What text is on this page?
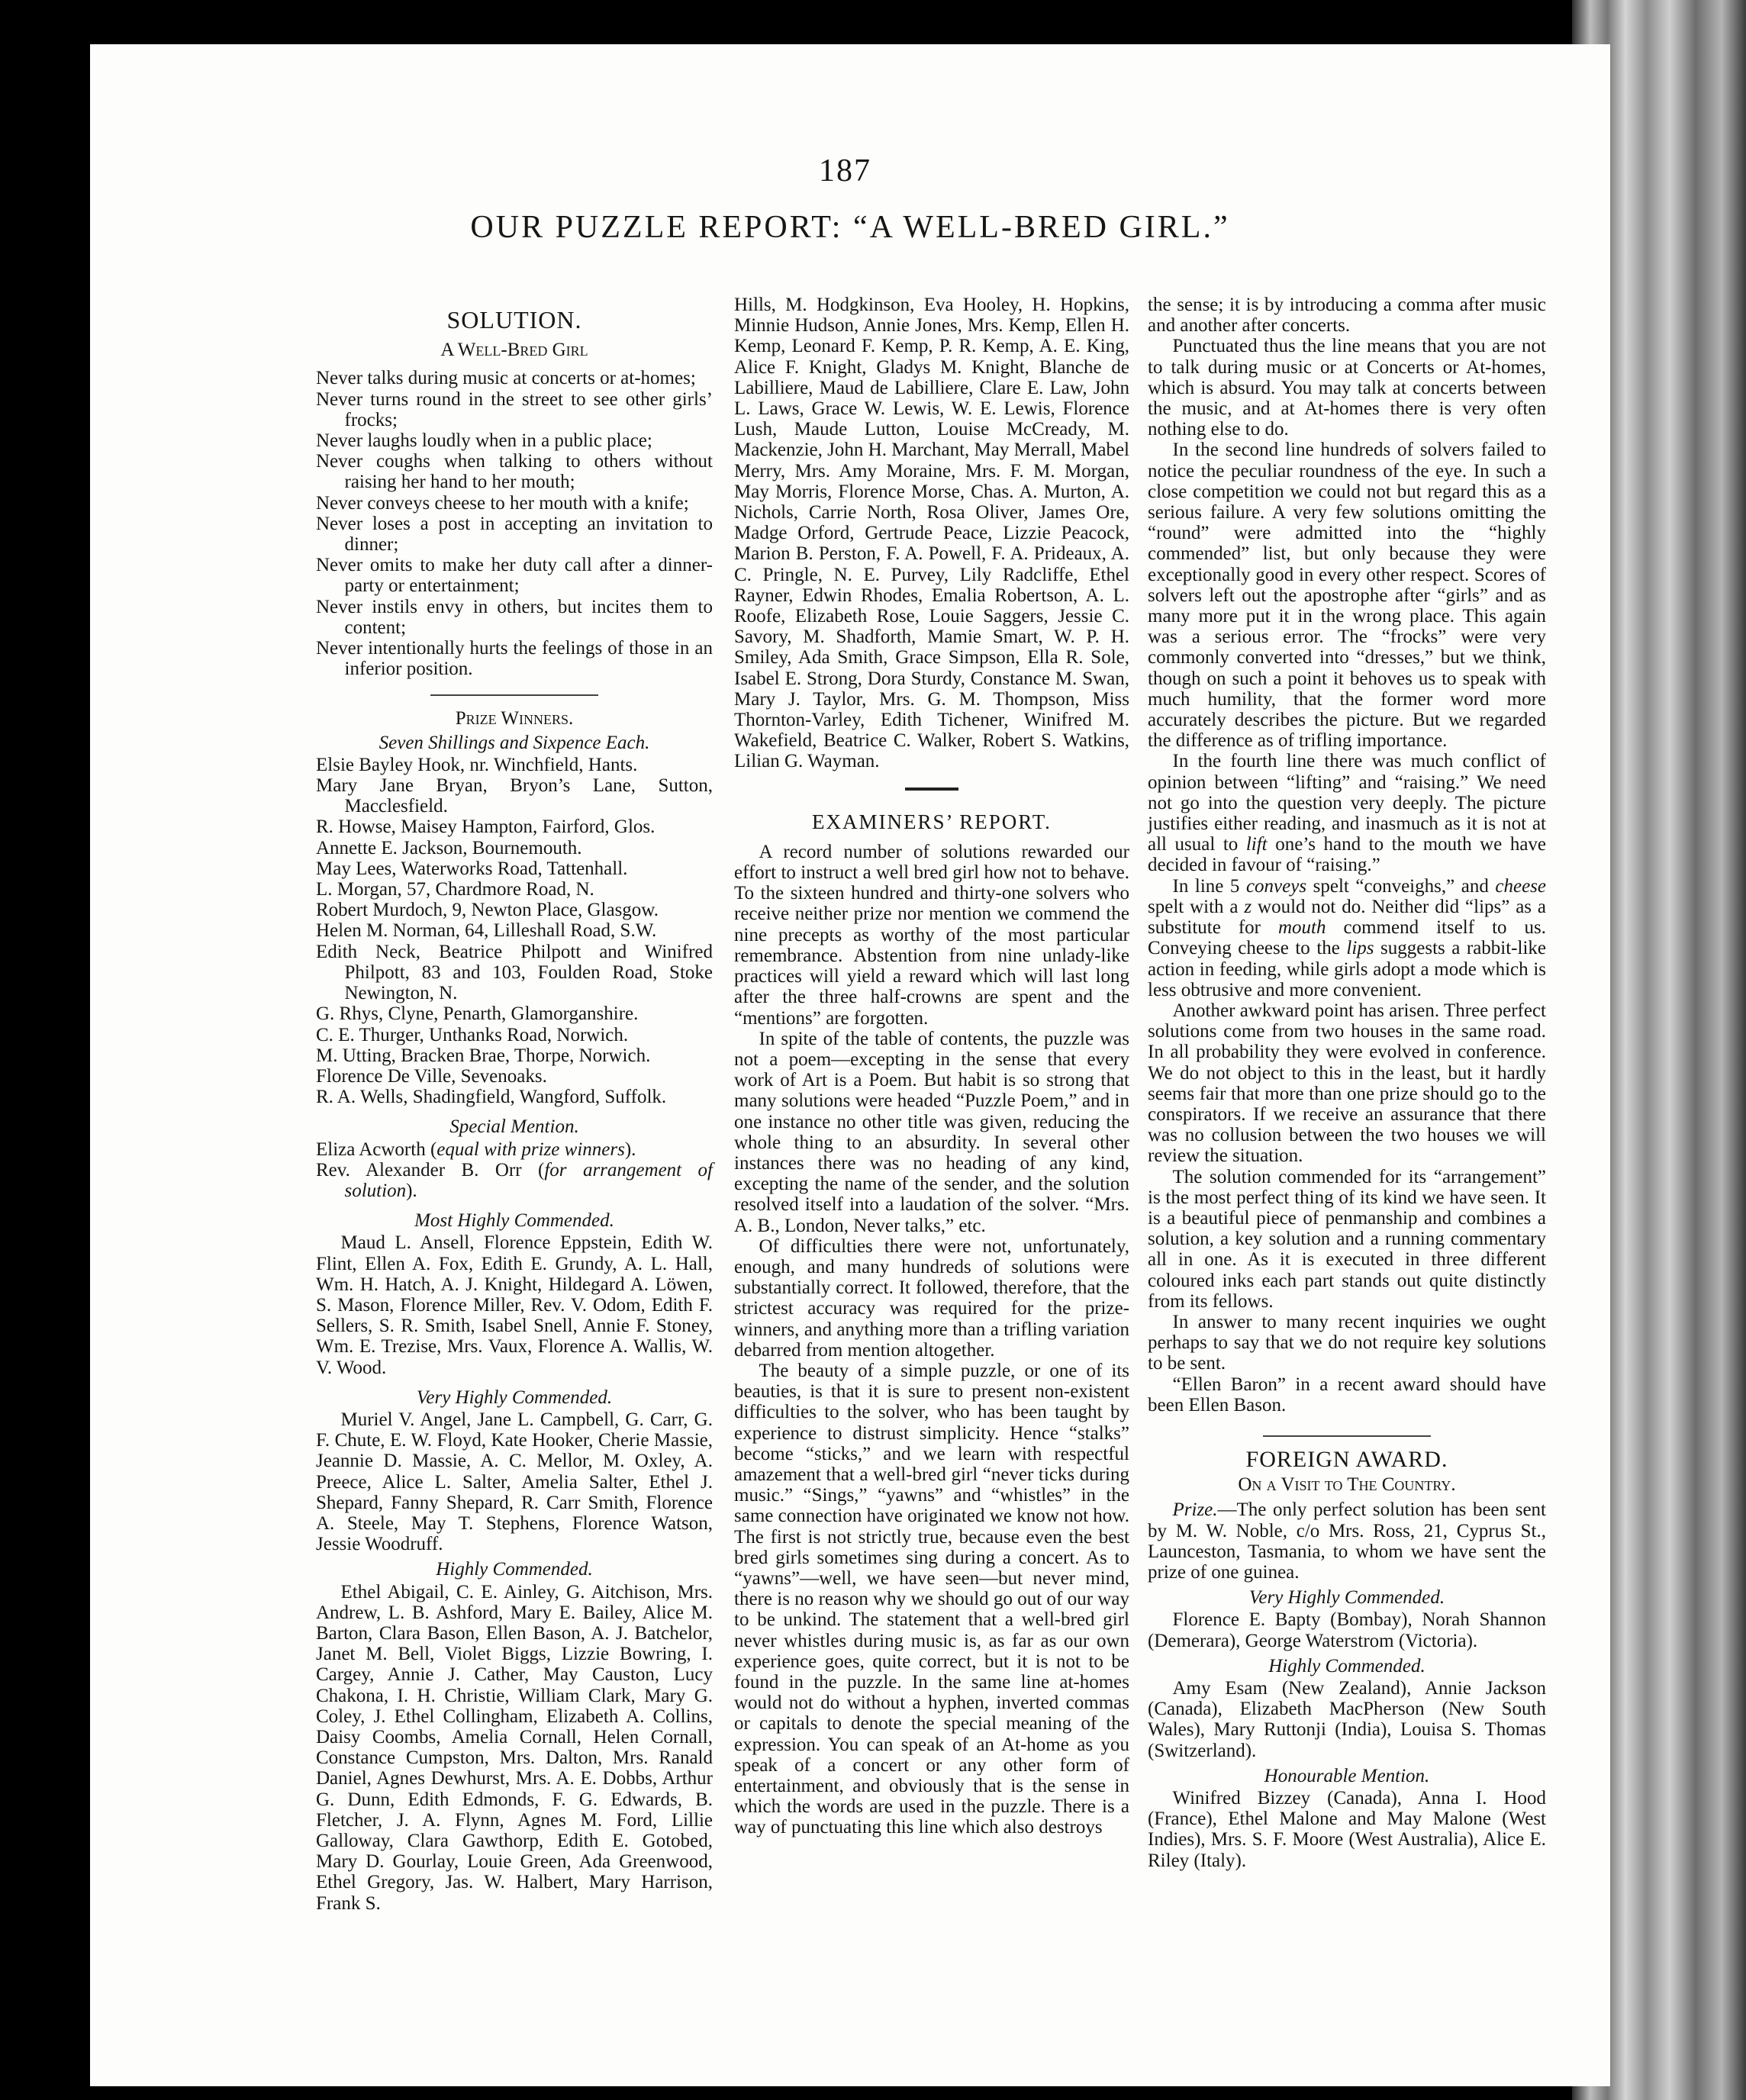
187
OUR PUZZLE REPORT: “A WELL-BRED GIRL.”
SOLUTION.
A Well-Bred Girl

Never talks during music at concerts or at-homes;

Never turns round in the street to see other girls’ frocks;

Never laughs loudly when in a public place;

Never coughs when talking to others without raising her hand to her mouth;

Never conveys cheese to her mouth with a knife;

Never loses a post in accepting an invitation to dinner;

Never omits to make her duty call after a dinner-party or entertainment;

Never instils envy in others, but incites them to content;

Never intentionally hurts the feelings of those in an inferior position.

Prize Winners.
Seven Shillings and Sixpence Each.

Elsie Bayley Hook, nr. Winchfield, Hants.

Mary Jane Bryan, Bryon’s Lane, Sutton, Macclesfield.

R. Howse, Maisey Hampton, Fairford, Glos.

Annette E. Jackson, Bournemouth.

May Lees, Waterworks Road, Tattenhall.

L. Morgan, 57, Chardmore Road, N.

Robert Murdoch, 9, Newton Place, Glasgow.

Helen M. Norman, 64, Lilleshall Road, S.W.

Edith Neck, Beatrice Philpott and Winifred Philpott, 83 and 103, Foulden Road, Stoke Newington, N.

G. Rhys, Clyne, Penarth, Glamorganshire.

C. E. Thurger, Unthanks Road, Norwich.

M. Utting, Bracken Brae, Thorpe, Norwich.

Florence De Ville, Sevenoaks.

R. A. Wells, Shadingfield, Wangford, Suffolk.

Special Mention.

Eliza Acworth (equal with prize winners).

Rev. Alexander B. Orr (for arrangement of solution).

Most Highly Commended.

Maud L. Ansell, Florence Eppstein, Edith W. Flint, Ellen A. Fox, Edith E. Grundy, A. L. Hall, Wm. H. Hatch, A. J. Knight, Hildegard A. Löwen, S. Mason, Florence Miller, Rev. V. Odom, Edith F. Sellers, S. R. Smith, Isabel Snell, Annie F. Stoney, Wm. E. Trezise, Mrs. Vaux, Florence A. Wallis, W. V. Wood.

Very Highly Commended.

Muriel V. Angel, Jane L. Campbell, G. Carr, G. F. Chute, E. W. Floyd, Kate Hooker, Cherie Massie, Jeannie D. Massie, A. C. Mellor, M. Oxley, A. Preece, Alice L. Salter, Amelia Salter, Ethel J. Shepard, Fanny Shepard, R. Carr Smith, Florence A. Steele, May T. Stephens, Florence Watson, Jessie Woodruff.

Highly Commended.

Ethel Abigail, C. E. Ainley, G. Aitchison, Mrs. Andrew, L. B. Ashford, Mary E. Bailey, Alice M. Barton, Clara Bason, Ellen Bason, A. J. Batchelor, Janet M. Bell, Violet Biggs, Lizzie Bowring, I. Cargey, Annie J. Cather, May Causton, Lucy Chakona, I. H. Christie, William Clark, Mary G. Coley, J. Ethel Collingham, Elizabeth A. Collins, Daisy Coombs, Amelia Cornall, Helen Cornall, Constance Cumpston, Mrs. Dalton, Mrs. Ranald Daniel, Agnes Dewhurst, Mrs. A. E. Dobbs, Arthur G. Dunn, Edith Edmonds, F. G. Edwards, B. Fletcher, J. A. Flynn, Agnes M. Ford, Lillie Galloway, Clara Gawthorp, Edith E. Gotobed, Mary D. Gourlay, Louie Green, Ada Greenwood, Ethel Gregory, Jas. W. Halbert, Mary Harrison, Frank S.

Hills, M. Hodgkinson, Eva Hooley, H. Hopkins, Minnie Hudson, Annie Jones, Mrs. Kemp, Ellen H. Kemp, Leonard F. Kemp, P. R. Kemp, A. E. King, Alice F. Knight, Gladys M. Knight, Blanche de Labilliere, Maud de Labilliere, Clare E. Law, John L. Laws, Grace W. Lewis, W. E. Lewis, Florence Lush, Maude Lutton, Louise McCready, M. Mackenzie, John H. Marchant, May Merrall, Mabel Merry, Mrs. Amy Moraine, Mrs. F. M. Morgan, May Morris, Florence Morse, Chas. A. Murton, A. Nichols, Carrie North, Rosa Oliver, James Ore, Madge Orford, Gertrude Peace, Lizzie Peacock, Marion B. Perston, F. A. Powell, F. A. Prideaux, A. C. Pringle, N. E. Purvey, Lily Radcliffe, Ethel Rayner, Edwin Rhodes, Emalia Robertson, A. L. Roofe, Elizabeth Rose, Louie Saggers, Jessie C. Savory, M. Shadforth, Mamie Smart, W. P. H. Smiley, Ada Smith, Grace Simpson, Ella R. Sole, Isabel E. Strong, Dora Sturdy, Constance M. Swan, Mary J. Taylor, Mrs. G. M. Thompson, Miss Thornton-Varley, Edith Tichener, Winifred M. Wakefield, Beatrice C. Walker, Robert S. Watkins, Lilian G. Wayman.

EXAMINERS’ REPORT.

A record number of solutions rewarded our effort to instruct a well bred girl how not to behave. To the sixteen hundred and thirty-one solvers who receive neither prize nor mention we commend the nine precepts as worthy of the most particular remembrance. Abstention from nine unlady-like practices will yield a reward which will last long after the three half-crowns are spent and the “mentions” are forgotten.

In spite of the table of contents, the puzzle was not a poem—excepting in the sense that every work of Art is a Poem. But habit is so strong that many solutions were headed “Puzzle Poem,” and in one instance no other title was given, reducing the whole thing to an absurdity. In several other instances there was no heading of any kind, excepting the name of the sender, and the solution resolved itself into a laudation of the solver. “Mrs. A. B., London, Never talks,” etc.

Of difficulties there were not, unfortunately, enough, and many hundreds of solutions were substantially correct. It followed, therefore, that the strictest accuracy was required for the prize-winners, and anything more than a trifling variation debarred from mention altogether.

The beauty of a simple puzzle, or one of its beauties, is that it is sure to present non-existent difficulties to the solver, who has been taught by experience to distrust simplicity. Hence “stalks” become “sticks,” and we learn with respectful amazement that a well-bred girl “never ticks during music.” “Sings,” “yawns” and “whistles” in the same connection have originated we know not how. The first is not strictly true, because even the best bred girls sometimes sing during a concert. As to “yawns”—well, we have seen—but never mind, there is no reason why we should go out of our way to be unkind. The statement that a well-bred girl never whistles during music is, as far as our own experience goes, quite correct, but it is not to be found in the puzzle. In the same line at-homes would not do without a hyphen, inverted commas or capitals to denote the special meaning of the expression. You can speak of an At-home as you speak of a concert or any other form of entertainment, and obviously that is the sense in which the words are used in the puzzle. There is a way of punctuating this line which also destroys

the sense; it is by introducing a comma after music and another after concerts.

Punctuated thus the line means that you are not to talk during music or at Concerts or At-homes, which is absurd. You may talk at concerts between the music, and at At-homes there is very often nothing else to do.

In the second line hundreds of solvers failed to notice the peculiar roundness of the eye. In such a close competition we could not but regard this as a serious failure. A very few solutions omitting the “round” were admitted into the “highly commended” list, but only because they were exceptionally good in every other respect. Scores of solvers left out the apostrophe after “girls” and as many more put it in the wrong place. This again was a serious error. The “frocks” were very commonly converted into “dresses,” but we think, though on such a point it behoves us to speak with much humility, that the former word more accurately describes the picture. But we regarded the difference as of trifling importance.

In the fourth line there was much conflict of opinion between “lifting” and “raising.” We need not go into the question very deeply. The picture justifies either reading, and inasmuch as it is not at all usual to lift one’s hand to the mouth we have decided in favour of “raising.”

In line 5 conveys spelt “conveighs,” and cheese spelt with a z would not do. Neither did “lips” as a substitute for mouth commend itself to us. Conveying cheese to the lips suggests a rabbit-like action in feeding, while girls adopt a mode which is less obtrusive and more convenient.

Another awkward point has arisen. Three perfect solutions come from two houses in the same road. In all probability they were evolved in conference. We do not object to this in the least, but it hardly seems fair that more than one prize should go to the conspirators. If we receive an assurance that there was no collusion between the two houses we will review the situation.

The solution commended for its “arrangement” is the most perfect thing of its kind we have seen. It is a beautiful piece of penmanship and combines a solution, a key solution and a running commentary all in one. As it is executed in three different coloured inks each part stands out quite distinctly from its fellows.

In answer to many recent inquiries we ought perhaps to say that we do not require key solutions to be sent.

“Ellen Baron” in a recent award should have been Ellen Bason.

FOREIGN AWARD.
On a Visit to The Country.

Prize.—The only perfect solution has been sent by M. W. Noble, c/o Mrs. Ross, 21, Cyprus St., Launceston, Tasmania, to whom we have sent the prize of one guinea.

Very Highly Commended.

Florence E. Bapty (Bombay), Norah Shannon (Demerara), George Waterstrom (Victoria).

Highly Commended.

Amy Esam (New Zealand), Annie Jackson (Canada), Elizabeth MacPherson (New South Wales), Mary Ruttonji (India), Louisa S. Thomas (Switzerland).

Honourable Mention.

Winifred Bizzey (Canada), Anna I. Hood (France), Ethel Malone and May Malone (West Indies), Mrs. S. F. Moore (West Australia), Alice E. Riley (Italy).
